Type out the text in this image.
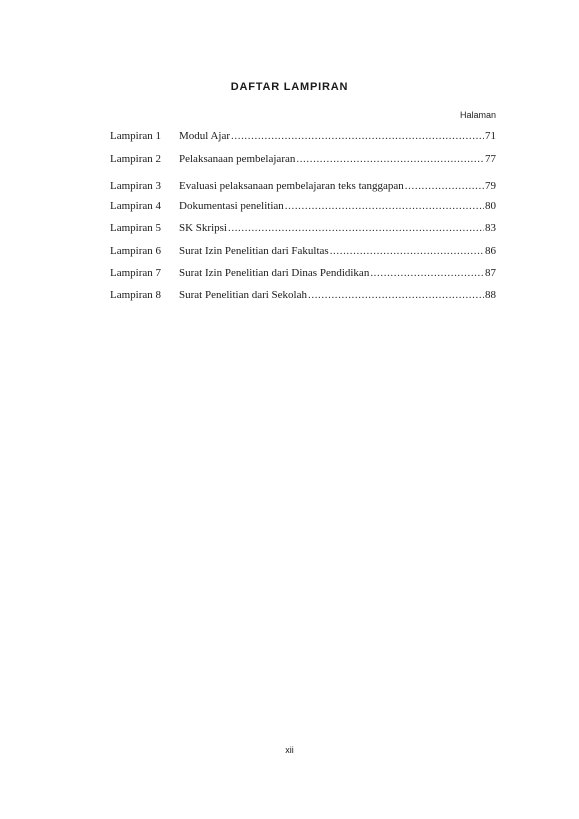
DAFTAR LAMPIRAN
Halaman
Lampiran 1	Modul Ajar .....	71
Lampiran 2	Pelaksanaan pembelajaran .....	77
Lampiran 3	Evaluasi pelaksanaan pembelajaran teks tanggapan .....	79
Lampiran 4	Dokumentasi penelitian .....	80
Lampiran 5	SK Skripsi .....	83
Lampiran 6	Surat Izin Penelitian dari Fakultas .....	86
Lampiran 7	Surat Izin Penelitian dari Dinas Pendidikan .....	87
Lampiran 8	Surat Penelitian dari Sekolah .....	88
xii
